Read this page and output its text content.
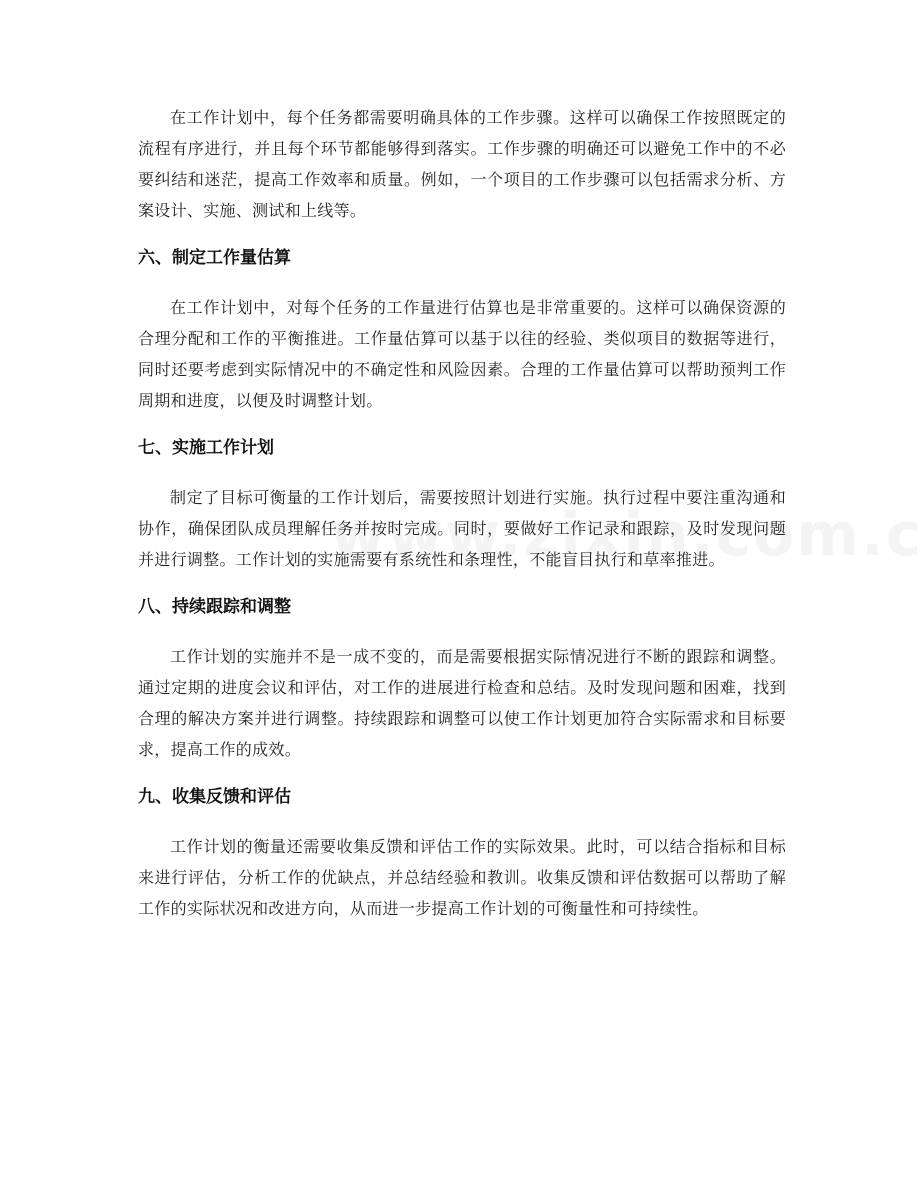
在工作计划中，每个任务都需要明确具体的工作步骤。这样可以确保工作按照既定的流程有序进行，并且每个环节都能够得到落实。工作步骤的明确还可以避免工作中的不必要纠结和迷茫，提高工作效率和质量。例如，一个项目的工作步骤可以包括需求分析、方案设计、实施、测试和上线等。

六、制定工作量估算

在工作计划中，对每个任务的工作量进行估算也是非常重要的。这样可以确保资源的合理分配和工作的平衡推进。工作量估算可以基于以往的经验、类似项目的数据等进行，同时还要考虑到实际情况中的不确定性和风险因素。合理的工作量估算可以帮助预判工作周期和进度，以便及时调整计划。

七、实施工作计划

制定了目标可衡量的工作计划后，需要按照计划进行实施。执行过程中要注重沟通和协作，确保团队成员理解任务并按时完成。同时，要做好工作记录和跟踪，及时发现问题并进行调整。工作计划的实施需要有系统性和条理性，不能盲目执行和草率推进。

八、持续跟踪和调整

工作计划的实施并不是一成不变的，而是需要根据实际情况进行不断的跟踪和调整。通过定期的进度会议和评估，对工作的进展进行检查和总结。及时发现问题和困难，找到合理的解决方案并进行调整。持续跟踪和调整可以使工作计划更加符合实际需求和目标要求，提高工作的成效。

九、收集反馈和评估

工作计划的衡量还需要收集反馈和评估工作的实际效果。此时，可以结合指标和目标来进行评估，分析工作的优缺点，并总结经验和教训。收集反馈和评估数据可以帮助了解工作的实际状况和改进方向，从而进一步提高工作计划的可衡量性和可持续性。
